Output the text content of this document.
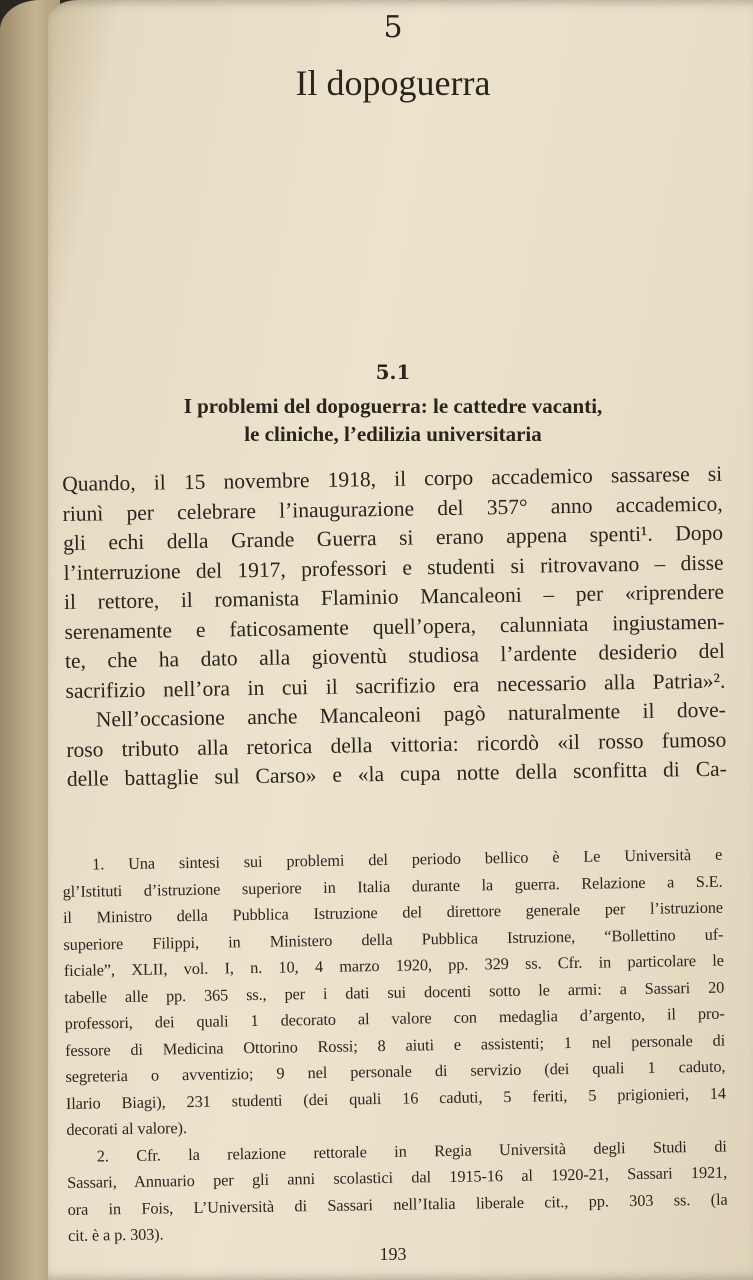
5
Il dopoguerra
5.1
I problemi del dopoguerra: le cattedre vacanti,
le cliniche, l’edilizia universitaria
Quando, il 15 novembre 1918, il corpo accademico sassarese si
riunì per celebrare l’inaugurazione del 357° anno accademico,
gli echi della Grande Guerra si erano appena spenti¹. Dopo
l’interruzione del 1917, professori e studenti si ritrovavano – disse
il rettore, il romanista Flaminio Mancaleoni – per «riprendere
serenamente e faticosamente quell’opera, calunniata ingiustamen-
te, che ha dato alla gioventù studiosa l’ardente desiderio del
sacrifizio nell’ora in cui il sacrifizio era necessario alla Patria»².
Nell’occasione anche Mancaleoni pagò naturalmente il dove-
roso tributo alla retorica della vittoria: ricordò «il rosso fumoso
delle battaglie sul Carso» e «la cupa notte della sconfitta di Ca-
1. Una sintesi sui problemi del periodo bellico è Le Università e
gl’Istituti d’istruzione superiore in Italia durante la guerra. Relazione a S.E.
il Ministro della Pubblica Istruzione del direttore generale per l’istruzione
superiore Filippi, in Ministero della Pubblica Istruzione, “Bollettino uf-
ficiale”, XLII, vol. I, n. 10, 4 marzo 1920, pp. 329 ss. Cfr. in particolare le
tabelle alle pp. 365 ss., per i dati sui docenti sotto le armi: a Sassari 20
professori, dei quali 1 decorato al valore con medaglia d’argento, il pro-
fessore di Medicina Ottorino Rossi; 8 aiuti e assistenti; 1 nel personale di
segreteria o avventizio; 9 nel personale di servizio (dei quali 1 caduto,
Ilario Biagi), 231 studenti (dei quali 16 caduti, 5 feriti, 5 prigionieri, 14
decorati al valore).
2. Cfr. la relazione rettorale in Regia Università degli Studi di
Sassari, Annuario per gli anni scolastici dal 1915-16 al 1920-21, Sassari 1921,
ora in Fois, L’Università di Sassari nell’Italia liberale cit., pp. 303 ss. (la
cit. è a p. 303).
193
